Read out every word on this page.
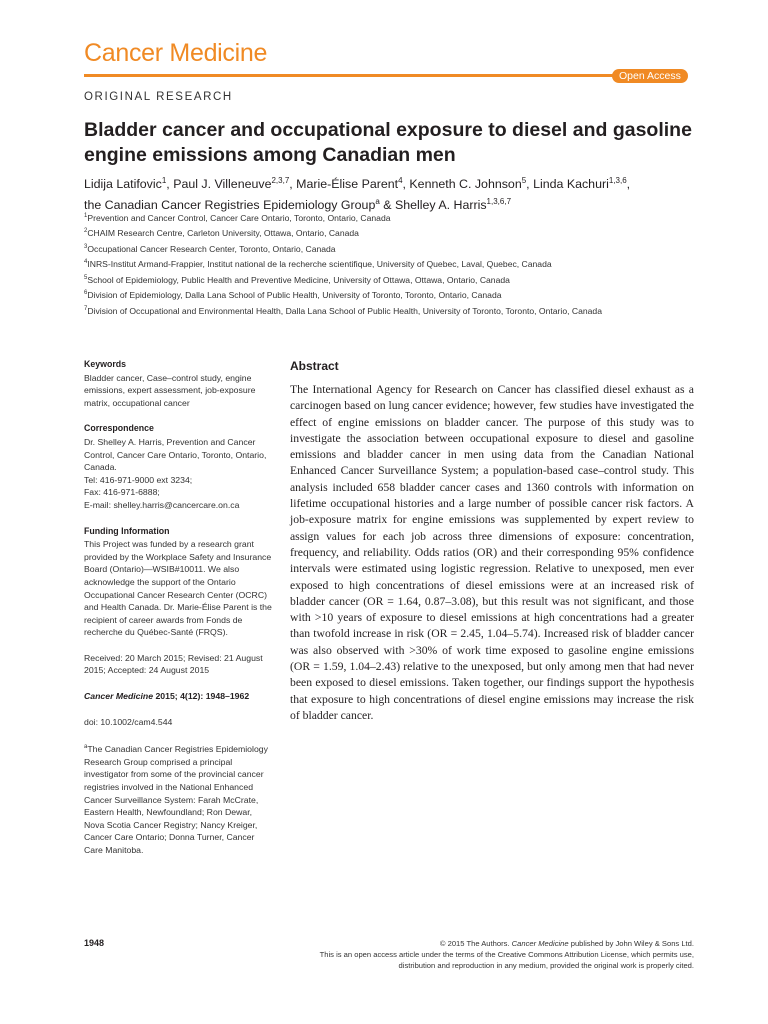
Cancer Medicine
Open Access
ORIGINAL RESEARCH
Bladder cancer and occupational exposure to diesel and gasoline engine emissions among Canadian men
Lidija Latifovic$^1$, Paul J. Villeneuve$^{2,3,7}$, Marie-Élise Parent$^4$, Kenneth C. Johnson$^5$, Linda Kachuri$^{1,3,6}$,
the Canadian Cancer Registries Epidemiology Group$^a$ & Shelley A. Harris$^{1,3,6,7}$
$^1$Prevention and Cancer Control, Cancer Care Ontario, Toronto, Ontario, Canada
$^2$CHAIM Research Centre, Carleton University, Ottawa, Ontario, Canada
$^3$Occupational Cancer Research Center, Toronto, Ontario, Canada
$^4$INRS-Institut Armand-Frappier, Institut national de la recherche scientifique, University of Quebec, Laval, Quebec, Canada
$^5$School of Epidemiology, Public Health and Preventive Medicine, University of Ottawa, Ottawa, Ontario, Canada
$^6$Division of Epidemiology, Dalla Lana School of Public Health, University of Toronto, Toronto, Ontario, Canada
$^7$Division of Occupational and Environmental Health, Dalla Lana School of Public Health, University of Toronto, Toronto, Ontario, Canada
Keywords
Bladder cancer, Case–control study, engine emissions, expert assessment, job-exposure matrix, occupational cancer
Correspondence
Dr. Shelley A. Harris, Prevention and Cancer Control, Cancer Care Ontario, Toronto, Ontario, Canada.
Tel: 416-971-9000 ext 3234;
Fax: 416-971-6888;
E-mail: shelley.harris@cancercare.on.ca
Funding Information
This Project was funded by a research grant provided by the Workplace Safety and Insurance Board (Ontario)—WSIB#10011. We also acknowledge the support of the Ontario Occupational Cancer Research Center (OCRC) and Health Canada. Dr. Marie-Élise Parent is the recipient of career awards from Fonds de recherche du Québec-Santé (FRQS).
Received: 20 March 2015; Revised: 21 August 2015; Accepted: 24 August 2015
Cancer Medicine 2015; 4(12): 1948–1962
doi: 10.1002/cam4.544
$^a$The Canadian Cancer Registries Epidemiology Research Group comprised a principal investigator from some of the provincial cancer registries involved in the National Enhanced Cancer Surveillance System: Farah McCrate, Eastern Health, Newfoundland; Ron Dewar, Nova Scotia Cancer Registry; Nancy Kreiger, Cancer Care Ontario; Donna Turner, Cancer Care Manitoba.
Abstract
The International Agency for Research on Cancer has classified diesel exhaust as a carcinogen based on lung cancer evidence; however, few studies have investigated the effect of engine emissions on bladder cancer. The purpose of this study was to investigate the association between occupational exposure to diesel and gasoline emissions and bladder cancer in men using data from the Canadian National Enhanced Cancer Surveillance System; a population-based case–control study. This analysis included 658 bladder cancer cases and 1360 controls with information on lifetime occupational histories and a large number of possible cancer risk factors. A job-exposure matrix for engine emissions was supplemented by expert review to assign values for each job across three dimensions of exposure: concentration, frequency, and reliability. Odds ratios (OR) and their corresponding 95% confidence intervals were estimated using logistic regression. Relative to unexposed, men ever exposed to high concentrations of diesel emissions were at an increased risk of bladder cancer (OR = 1.64, 0.87–3.08), but this result was not significant, and those with >10 years of exposure to diesel emissions at high concentrations had a greater than twofold increase in risk (OR = 2.45, 1.04–5.74). Increased risk of bladder cancer was also observed with >30% of work time exposed to gasoline engine emissions (OR = 1.59, 1.04–2.43) relative to the unexposed, but only among men that had never been exposed to diesel emissions. Taken together, our findings support the hypothesis that exposure to high concentrations of diesel engine emissions may increase the risk of bladder cancer.
1948	© 2015 The Authors. Cancer Medicine published by John Wiley & Sons Ltd.
This is an open access article under the terms of the Creative Commons Attribution License, which permits use,
distribution and reproduction in any medium, provided the original work is properly cited.
